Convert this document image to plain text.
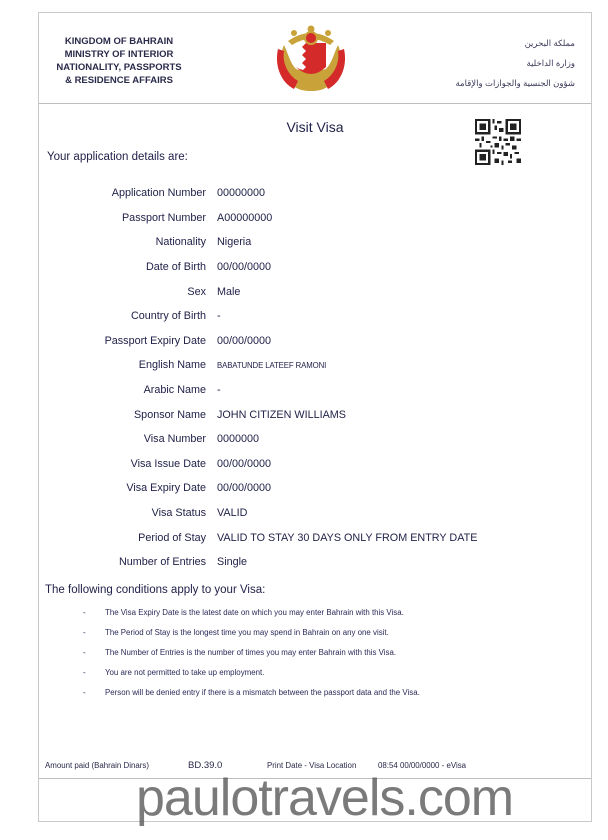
KINGDOM OF BAHRAIN
MINISTRY OF INTERIOR
NATIONALITY, PASSPORTS
& RESIDENCE AFFAIRS
مملكة البحرين
وزارة الداخلية
شؤون الجنسية والجوازات والإقامة
Visit Visa
Your application details are:
Application Number	00000000
Passport Number	A00000000
Nationality	Nigeria
Date of Birth	00/00/0000
Sex	Male
Country of Birth	-
Passport Expiry Date	00/00/0000
English Name	BABATUNDE LATEEF RAMONI
Arabic Name	-
Sponsor Name	JOHN CITIZEN WILLIAMS
Visa Number	0000000
Visa Issue Date	00/00/0000
Visa Expiry Date	00/00/0000
Visa Status	VALID
Period of Stay	VALID TO STAY 30 DAYS ONLY FROM ENTRY DATE
Number of Entries	Single
The following conditions apply to your Visa:
-	The Visa Expiry Date is the latest date on which you may enter Bahrain with this Visa.
-	The Period of Stay is the longest time you may spend in Bahrain on any one visit.
-	The Number of Entries is the number of times you may enter Bahrain with this Visa.
-	You are not permitted to take up employment.
-	Person will be denied entry if there is a mismatch between the passport data and the Visa.
Amount paid (Bahrain Dinars)	BD.39.0	Print Date - Visa Location	08:54 00/00/0000 - eVisa
paulotravels.com
